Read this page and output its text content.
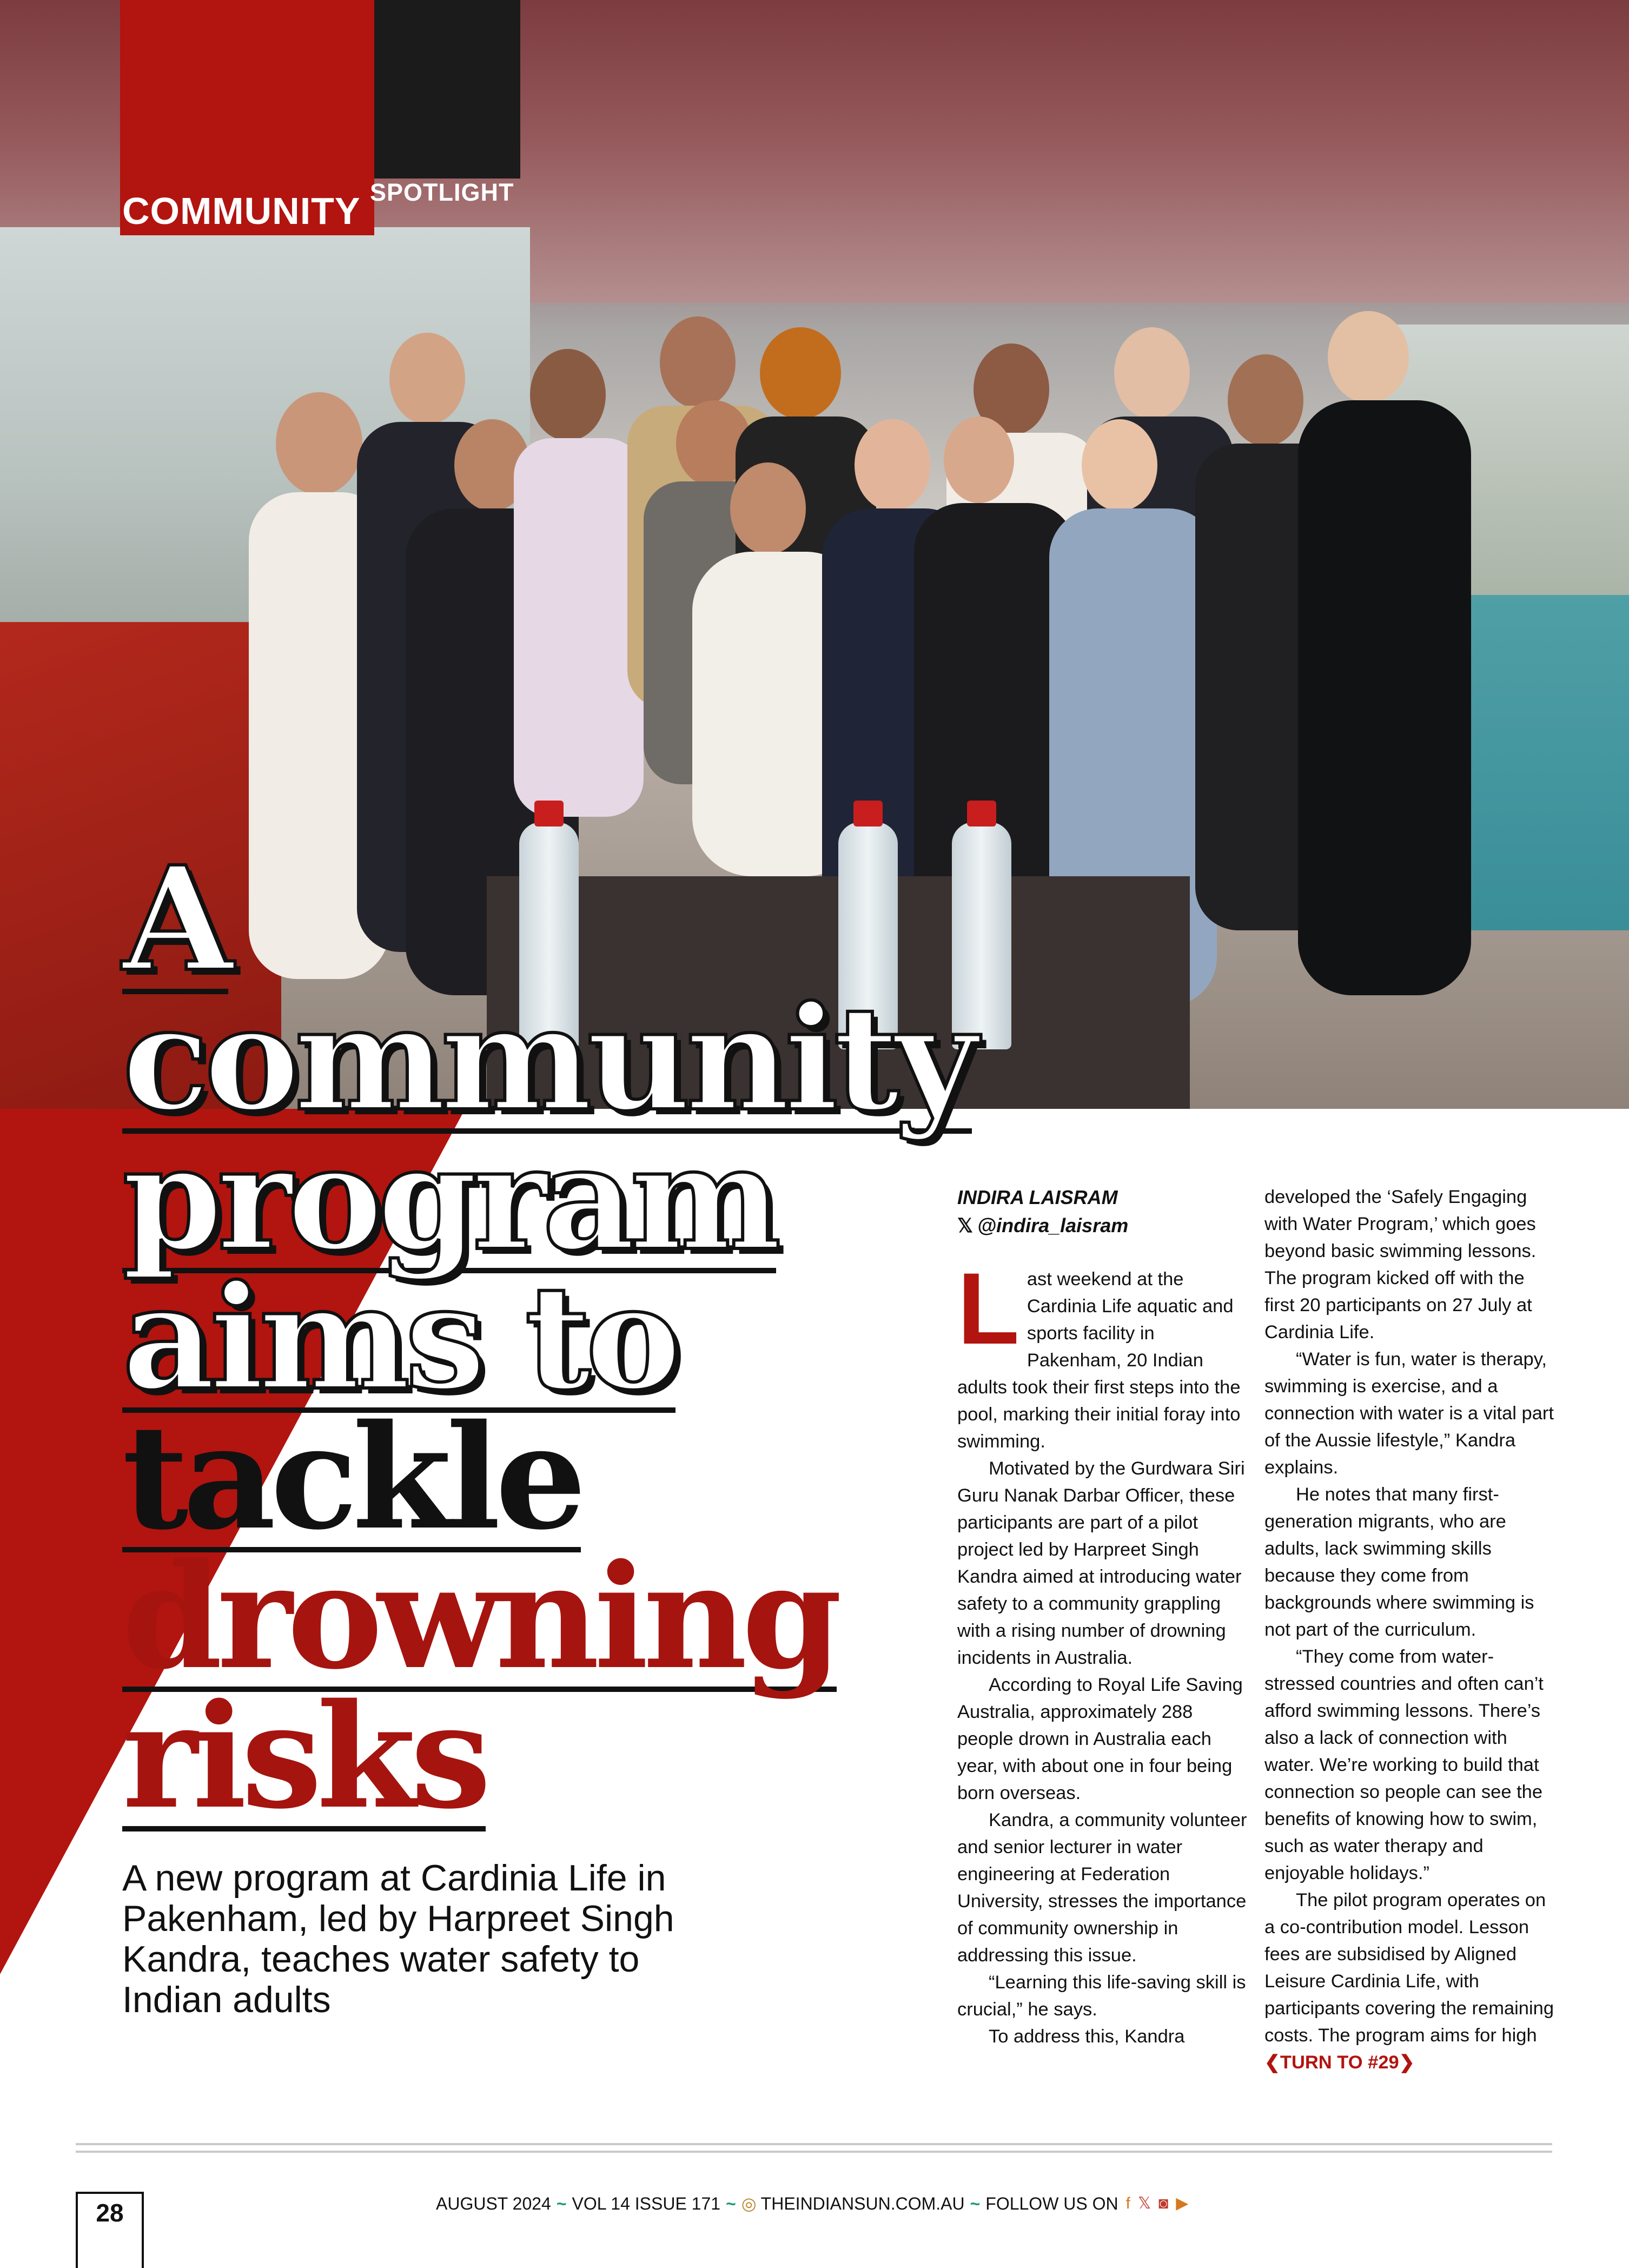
COMMUNITY SPOTLIGHT
A
community
program
aims to
tackle
drowning
risks

A new program at Cardinia Life in Pakenham, led by Harpreet Singh Kandra, teaches water safety to Indian adults

INDIRA LAISRAM
𝕏 @indira_laisram

Last weekend at the Cardinia Life aquatic and sports facility in Pakenham, 20 Indian adults took their first steps into the pool, marking their initial foray into swimming.

Motivated by the Gurdwara Siri Guru Nanak Darbar Officer, these participants are part of a pilot project led by Harpreet Singh Kandra aimed at introducing water safety to a community grappling with a rising number of drowning incidents in Australia.

According to Royal Life Saving Australia, approximately 288 people drown in Australia each year, with about one in four being born overseas.

Kandra, a community volunteer and senior lecturer in water engineering at Federation University, stresses the importance of community ownership in addressing this issue.

“Learning this life-saving skill is crucial,” he says.

To address this, Kandra

developed the ‘Safely Engaging with Water Program,’ which goes beyond basic swimming lessons. The program kicked off with the first 20 participants on 27 July at Cardinia Life.

“Water is fun, water is therapy, swimming is exercise, and a connection with water is a vital part of the Aussie lifestyle,” Kandra explains.

He notes that many first-generation migrants, who are adults, lack swimming skills because they come from backgrounds where swimming is not part of the curriculum.

“They come from water-stressed countries and often can’t afford swimming lessons. There’s also a lack of connection with water. We’re working to build that connection so people can see the benefits of knowing how to swim, such as water therapy and enjoyable holidays.”

The pilot program operates on a co-contribution model. Lesson fees are subsidised by Aligned Leisure Cardinia Life, with participants covering the remaining costs. The program aims for high ❮TURN TO #29❯

28	AUGUST 2024 ~ VOL 14 ISSUE 171 ~ ◎ THEINDIANSUN.COM.AU ~ FOLLOW US ON f 𝕏 ◙ ▶
